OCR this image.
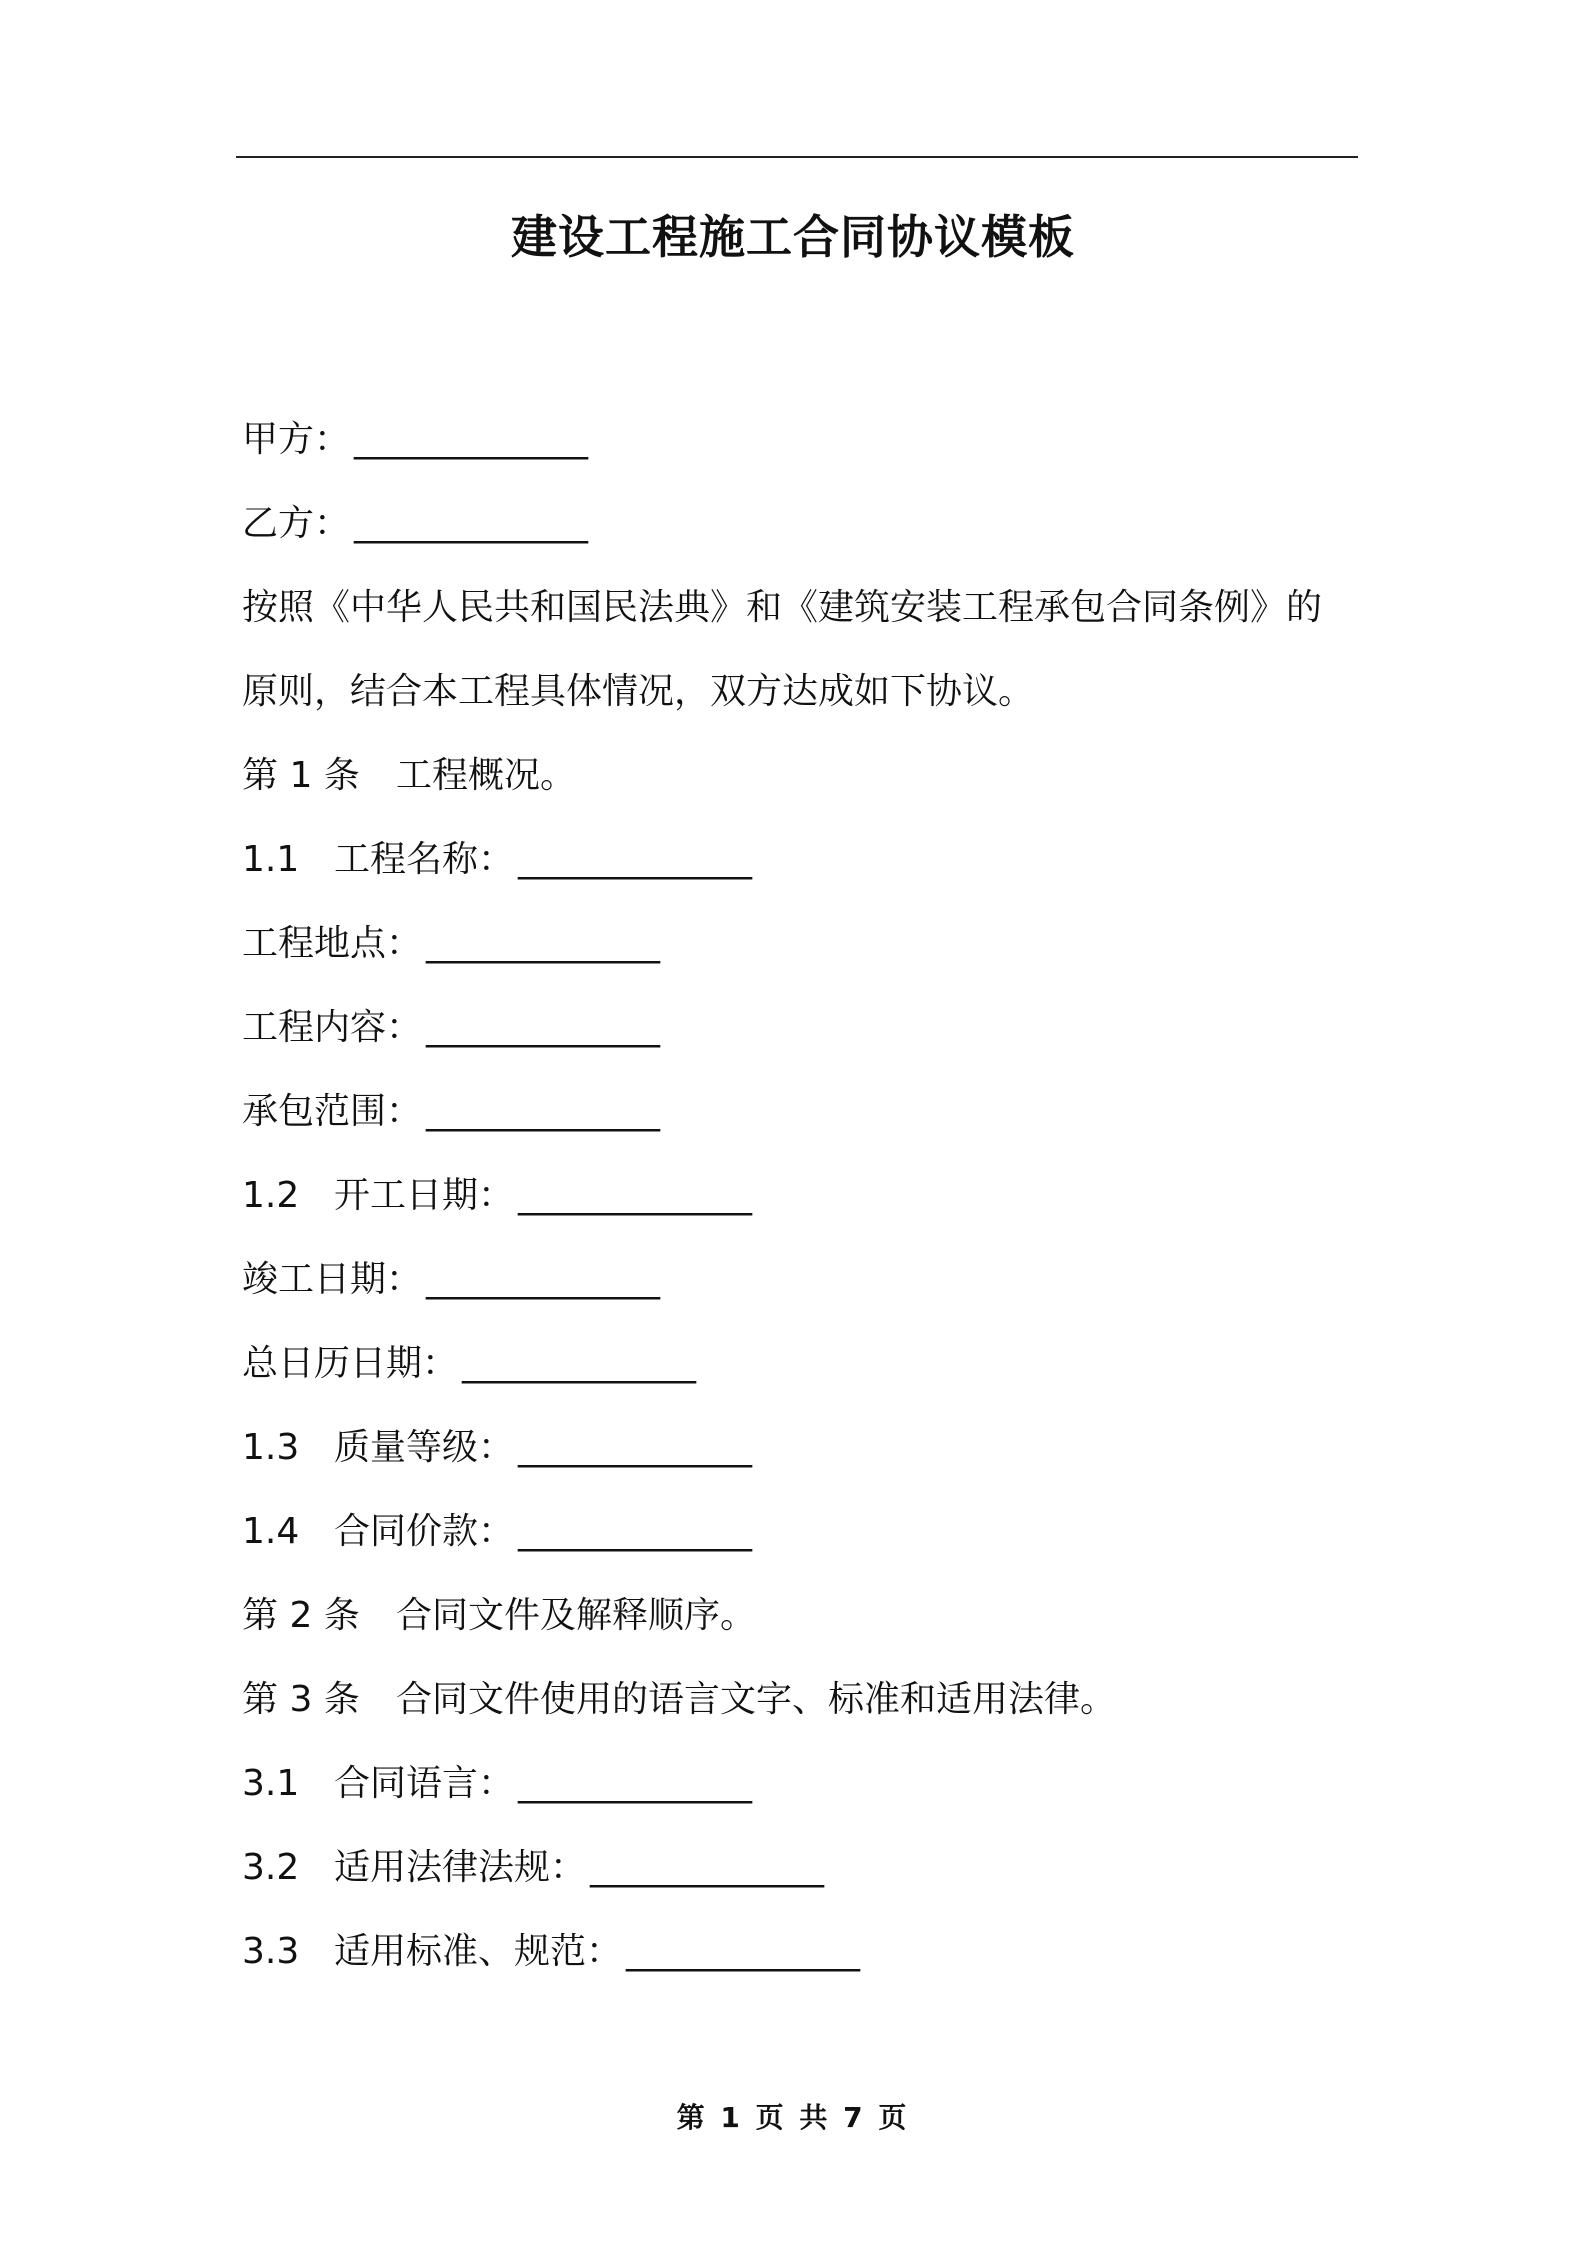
建设工程施工合同协议模板
甲方： _____________
乙方： _____________
按照《中华人民共和国民法典》和《建筑安装工程承包合同条例》的
原则，结合本工程具体情况，双方达成如下协议。
第 1 条 工程概况。
1.1 工程名称： _____________
工程地点： _____________
工程内容： _____________
承包范围： _____________
1.2 开工日期： _____________
竣工日期： _____________
总日历日期： _____________
1.3 质量等级： _____________
1.4 合同价款： _____________
第 2 条 合同文件及解释顺序。
第 3 条 合同文件使用的语言文字、标准和适用法律。
3.1 合同语言： _____________
3.2 适用法律法规： _____________
3.3 适用标准、规范： _____________
第 1 页 共 7 页
